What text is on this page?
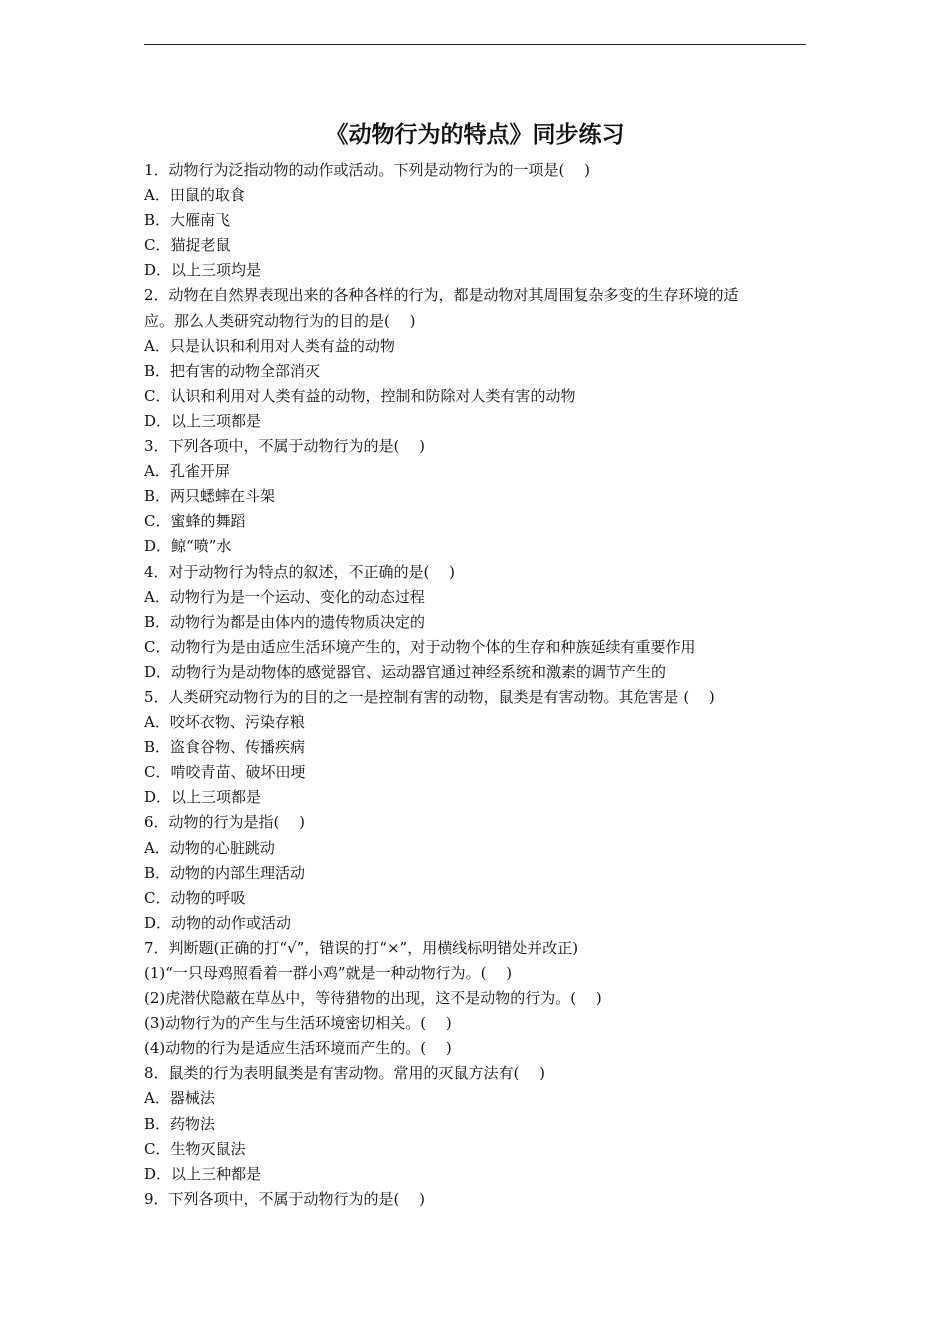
《动物行为的特点》同步练习
1．动物行为泛指动物的动作或活动。下列是动物行为的一项是(　 )
A．田鼠的取食
B．大雁南飞
C．猫捉老鼠
D．以上三项均是
2．动物在自然界表现出来的各种各样的行为，都是动物对其周围复杂多变的生存环境的适
应。那么人类研究动物行为的目的是(　 )
A．只是认识和利用对人类有益的动物
B．把有害的动物全部消灭
C．认识和利用对人类有益的动物，控制和防除对人类有害的动物
D．以上三项都是
3．下列各项中，不属于动物行为的是(　 )
A．孔雀开屏
B．两只蟋蟀在斗架
C．蜜蜂的舞蹈
D．鲸“喷”水
4．对于动物行为特点的叙述，不正确的是(　 )
A．动物行为是一个运动、变化的动态过程
B．动物行为都是由体内的遗传物质决定的
C．动物行为是由适应生活环境产生的，对于动物个体的生存和种族延续有重要作用
D．动物行为是动物体的感觉器官、运动器官通过神经系统和激素的调节产生的
5．人类研究动物行为的目的之一是控制有害的动物，鼠类是有害动物。其危害是 (　 )
A．咬坏衣物、污染存粮
B．盗食谷物、传播疾病
C．啃咬青苗、破坏田埂
D．以上三项都是
6．动物的行为是指(　 )
A．动物的心脏跳动
B．动物的内部生理活动
C．动物的呼吸
D．动物的动作或活动
7．判断题(正确的打“√”，错误的打“×”，用横线标明错处并改正)
(1)“一只母鸡照看着一群小鸡”就是一种动物行为。(　 )
(2)虎潜伏隐蔽在草丛中，等待猎物的出现，这不是动物的行为。(　 )
(3)动物行为的产生与生活环境密切相关。(　 )
(4)动物的行为是适应生活环境而产生的。(　 )
8．鼠类的行为表明鼠类是有害动物。常用的灭鼠方法有(　 )
A．器械法
B．药物法
C．生物灭鼠法
D．以上三种都是
9．下列各项中，不属于动物行为的是(　 )
